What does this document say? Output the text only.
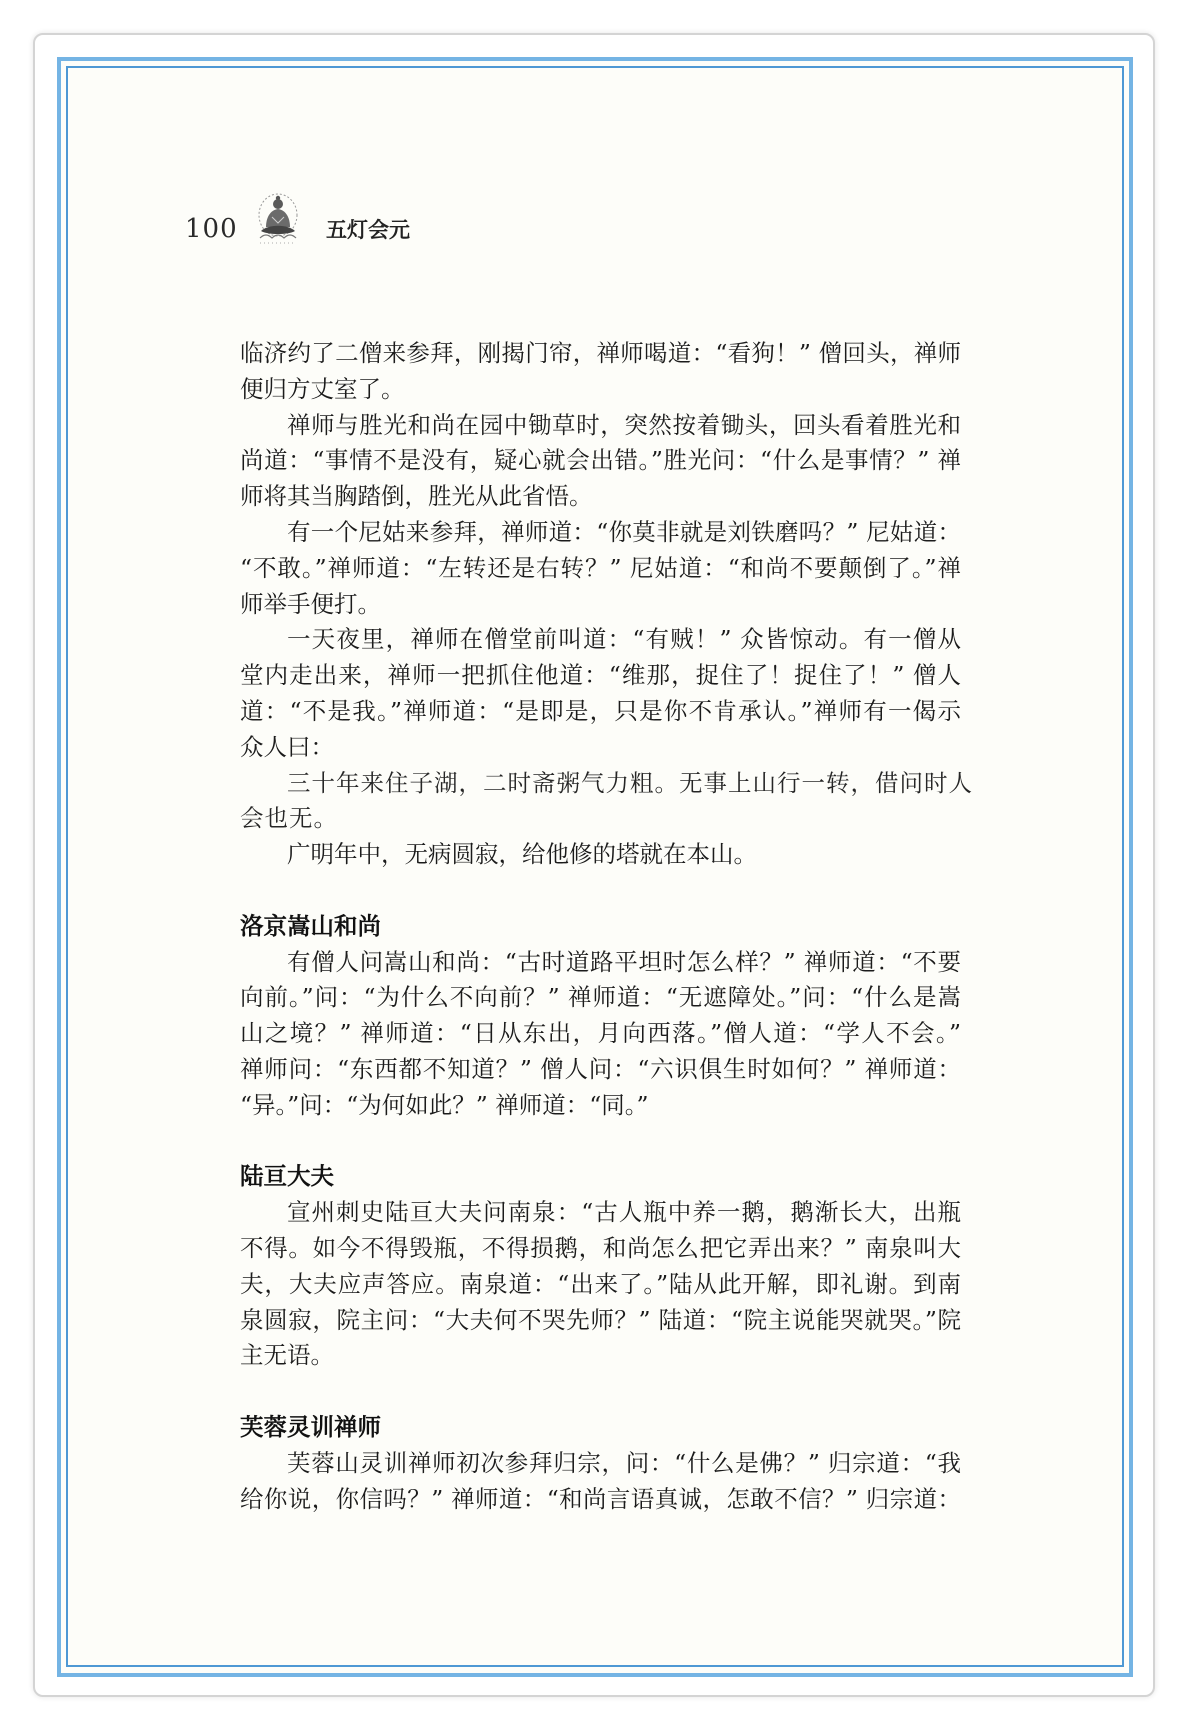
100	五灯会元
临济约了二僧来参拜，刚揭门帘，禅师喝道：“看狗！” 僧回头，禅师
便归方丈室了。
禅师与胜光和尚在园中锄草时，突然按着锄头，回头看着胜光和
尚道：“事情不是没有，疑心就会出错。”胜光问：“什么是事情？” 禅
师将其当胸踏倒，胜光从此省悟。
有一个尼姑来参拜，禅师道：“你莫非就是刘铁磨吗？” 尼姑道：
“不敢。”禅师道：“左转还是右转？” 尼姑道：“和尚不要颠倒了。”禅
师举手便打。
一天夜里，禅师在僧堂前叫道：“有贼！” 众皆惊动。有一僧从
堂内走出来，禅师一把抓住他道：“维那，捉住了！捉住了！” 僧人
道：“不是我。”禅师道：“是即是，只是你不肯承认。”禅师有一偈示
众人曰：
三十年来住子湖，二时斋粥气力粗。无事上山行一转，借问时人
会也无。
广明年中，无病圆寂，给他修的塔就在本山。
洛京嵩山和尚
有僧人问嵩山和尚：“古时道路平坦时怎么样？” 禅师道：“不要
向前。”问：“为什么不向前？” 禅师道：“无遮障处。”问：“什么是嵩
山之境？” 禅师道：“日从东出，月向西落。”僧人道：“学人不会。”
禅师问：“东西都不知道？” 僧人问：“六识俱生时如何？” 禅师道：
“异。”问：“为何如此？” 禅师道：“同。”
陆亘大夫
宣州刺史陆亘大夫问南泉：“古人瓶中养一鹅，鹅渐长大，出瓶
不得。如今不得毁瓶，不得损鹅，和尚怎么把它弄出来？” 南泉叫大
夫，大夫应声答应。南泉道：“出来了。”陆从此开解，即礼谢。到南
泉圆寂，院主问：“大夫何不哭先师？” 陆道：“院主说能哭就哭。”院
主无语。
芙蓉灵训禅师
芙蓉山灵训禅师初次参拜归宗，问：“什么是佛？” 归宗道：“我
给你说，你信吗？” 禅师道：“和尚言语真诚，怎敢不信？” 归宗道：
